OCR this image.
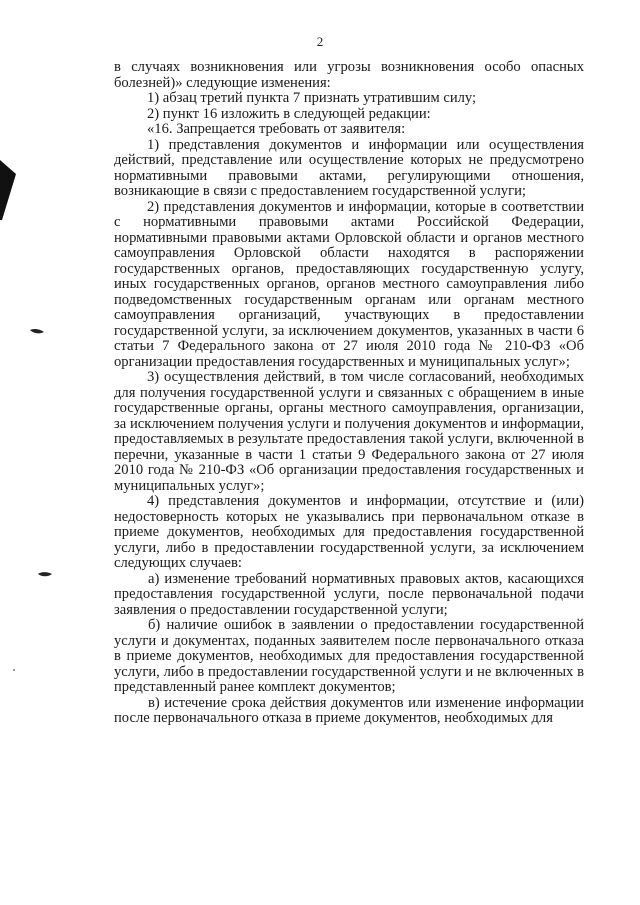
2

в случаях возникновения или угрозы возникновения особо опасных болезней)» следующие изменения:

1) абзац третий пункта 7 признать утратившим силу;

2) пункт 16 изложить в следующей редакции:

«16. Запрещается требовать от заявителя:

1) представления документов и информации или осуществления действий, представление или осуществление которых не предусмотрено нормативными правовыми актами, регулирующими отношения, возникающие в связи с предоставлением государственной услуги;

2) представления документов и информации, которые в соответствии с нормативными правовыми актами Российской Федерации, нормативными правовыми актами Орловской области и органов местного самоуправления Орловской области находятся в распоряжении государственных органов, предоставляющих государственную услугу, иных государственных органов, органов местного самоуправления либо подведомственных государственным органам или органам местного самоуправления организаций, участвующих в предоставлении государственной услуги, за исключением документов, указанных в части 6 статьи 7 Федерального закона от 27 июля 2010 года № 210-ФЗ «Об организации предоставления государственных и муниципальных услуг»;

3) осуществления действий, в том числе согласований, необходимых для получения государственной услуги и связанных с обращением в иные государственные органы, органы местного самоуправления, организации, за исключением получения услуги и получения документов и информации, предоставляемых в результате предоставления такой услуги, включенной в перечни, указанные в части 1 статьи 9 Федерального закона от 27 июля 2010 года № 210-ФЗ «Об организации предоставления государственных и муниципальных услуг»;

4) представления документов и информации, отсутствие и (или) недостоверность которых не указывались при первоначальном отказе в приеме документов, необходимых для предоставления государственной услуги, либо в предоставлении государственной услуги, за исключением следующих случаев:

а) изменение требований нормативных правовых актов, касающихся предоставления государственной услуги, после первоначальной подачи заявления о предоставлении государственной услуги;

б) наличие ошибок в заявлении о предоставлении государственной услуги и документах, поданных заявителем после первоначального отказа в приеме документов, необходимых для предоставления государственной услуги, либо в предоставлении государственной услуги и не включенных в представленный ранее комплект документов;

в) истечение срока действия документов или изменение информации после первоначального отказа в приеме документов, необходимых для
